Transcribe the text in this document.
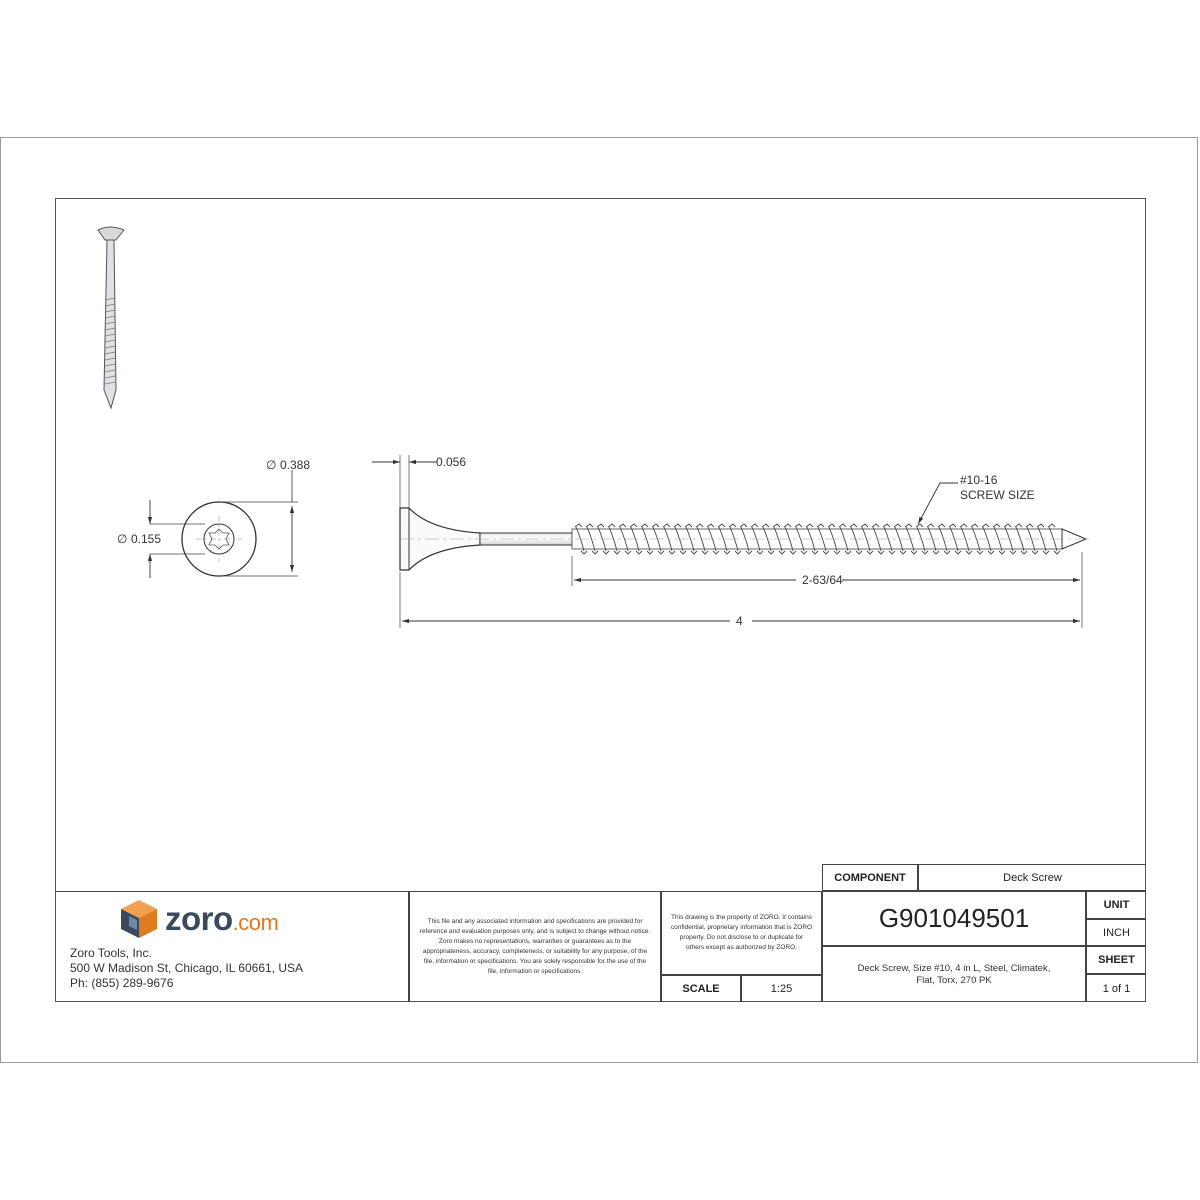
∅ 0.388
∅ 0.155
0.056
2-63/64
4
#10-16
SCREW SIZE
zoro.com
Zoro Tools, Inc.
500 W Madison St, Chicago, IL 60661, USA
Ph: (855) 289-9676
This file and any associated information and specifications are provided for reference and evaluation purposes only, and is subject to change without notice. Zoro makes no representations, warranties or guarantees as to the appropriateness, accuracy, completeness, or suitability for any purpose, of the file, information or specifications. You are solely responsible for the use of the file, information or specifications.
This drawing is the property of ZORO. It contains confidential, proprietary information that is ZORO property. Do not disclose to or duplicate for others except as authorized by ZORO.
SCALE	1:25
COMPONENT	Deck Screw
G901049501
Deck Screw, Size #10, 4 in L, Steel, Climatek, Flat, Torx, 270 PK
UNIT
INCH
SHEET
1 of 1
